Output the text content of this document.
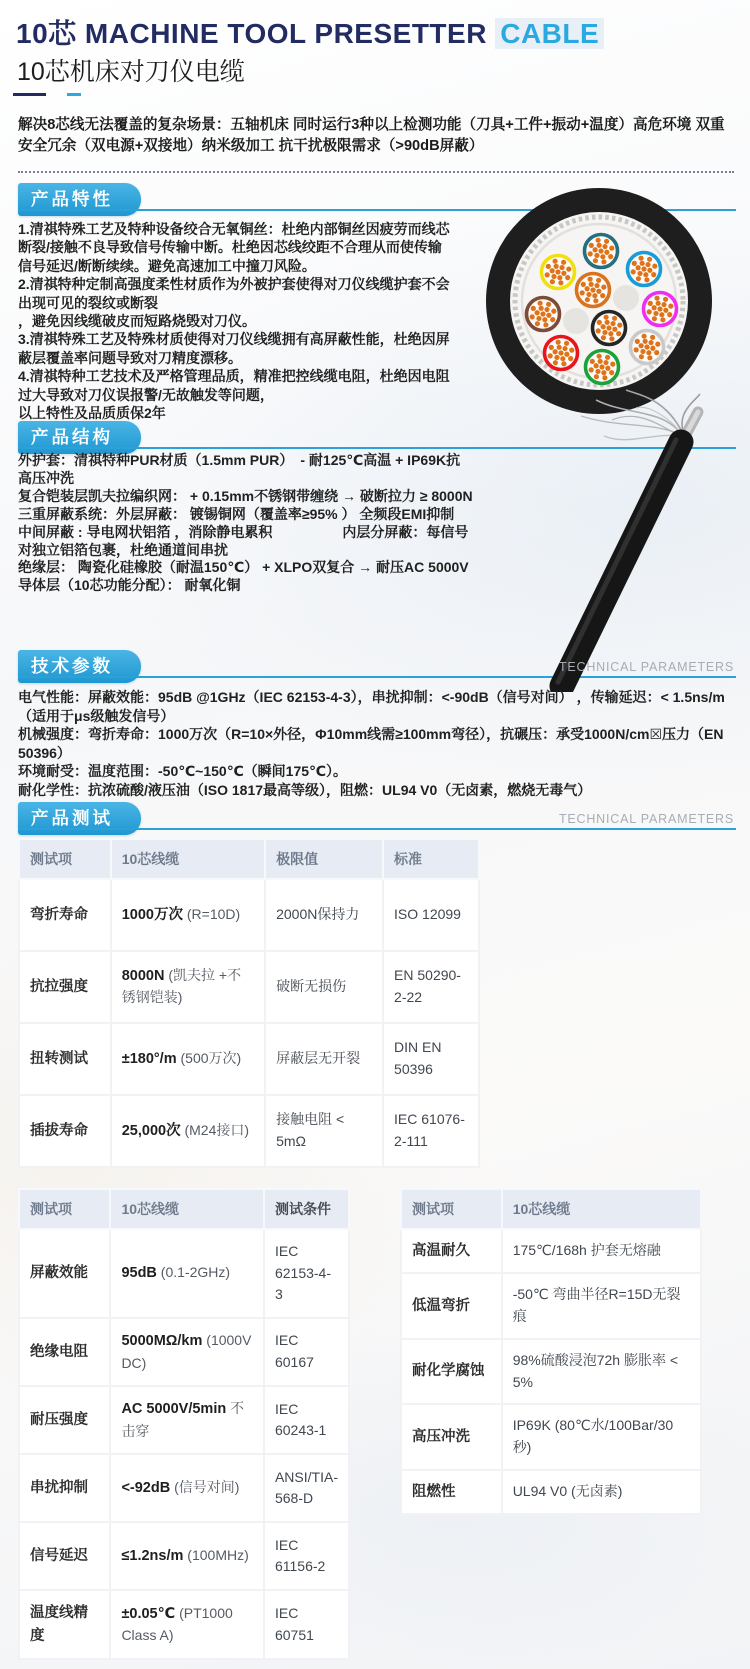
10芯 MACHINE TOOL PRESETTER CABLE
10芯机床对刀仪电缆
解决8芯线无法覆盖的复杂场景：五轴机床 同时运行3种以上检测功能（刀具+工件+振动+温度）高危环境 双重安全冗余（双电源+双接地）纳米级加工 抗干扰极限需求（>90dB屏蔽）
产品特性

1.清祺特殊工艺及特种设备绞合无氧铜丝：杜绝内部铜丝因疲劳而线芯断裂/接触不良导致信号传输中断。杜绝因芯线绞距不合理从而使传输信号延迟/断断续续。避免高速加工中撞刀风险。

2.清祺特种定制高强度柔性材质作为外被护套使得对刀仪线缆护套不会出现可见的裂纹或断裂

，避免因线缆破皮而短路烧毁对刀仪。

3.清祺特殊工艺及特殊材质使得对刀仪线缆拥有高屏蔽性能，杜绝因屏蔽层覆盖率问题导致对刀精度漂移。

4.清祺特种工艺技术及严格管理品质，精准把控线缆电阻，杜绝因电阻过大导致对刀仪误报警/无故触发等问题，

以上特性及品质质保2年

产品结构

外护套：清祺特种PUR材质（1.5mm PUR）　- 耐125℃高温 + IP69K抗高压冲洗

复合铠装层凯夫拉编织网： + 0.15mm不锈钢带缠绕 → 破断拉力 ≥ 8000N

三重屏蔽系统：外层屏蔽： 镀锡铜网（覆盖率≥95% ） 全频段EMI抑制

中间屏蔽 : 导电网状铝箔 ，消除静电累积　　　　　内层分屏蔽：每信号对独立铝箔包裹，杜绝通道间串扰

绝缘层： 陶瓷化硅橡胶（耐温150℃） + XLPO双复合 → 耐压AC 5000V

导体层（10芯功能分配）： 耐氧化铜

技术参数	TECHNICAL PARAMETERS

电气性能：屏蔽效能：95dB @1GHz（IEC 62153-4-3），串扰抑制：<-90dB（信号对间） ，传输延迟：< 1.5ns/m（适用于μs级触发信号）

机械强度：弯折寿命：1000万次（R=10×外径，Φ10mm线需≥100mm弯径），抗碾压：承受1000N/cm☒压力（EN 50396）

环境耐受：温度范围：-50℃~150℃（瞬间175℃）。

耐化学性：抗浓硫酸/液压油（ISO 1817最高等级），阻燃：UL94 V0（无卤素，燃烧无毒气）

产品测试	TECHNICAL PARAMETERS
测试项	10芯线缆	极限值	标准
弯折寿命	1000万次 (R=10D)	2000N保持力	ISO 12099
抗拉强度	8000N (凯夫拉 +不锈钢铠装)	破断无损伤	EN 50290-2-22
扭转测试	±180°/m (500万次)	屏蔽层无开裂	DIN EN 50396
插拔寿命	25,000次 (M24接口)	接触电阻 < 5mΩ	IEC 61076-2-111
测试项	10芯线缆	测试条件
屏蔽效能	95dB (0.1-2GHz)	IEC 62153-4-3
绝缘电阻	5000MΩ/km (1000V DC)	IEC 60167
耐压强度	AC 5000V/5min 不击穿	IEC 60243-1
串扰抑制	<-92dB (信号对间)	ANSI/TIA-568-D
信号延迟	≤1.2ns/m (100MHz)	IEC 61156-2
温度线精度	±0.05℃ (PT1000 Class A)	IEC 60751
测试项	10芯线缆
高温耐久	175℃/168h 护套无熔融
低温弯折	-50℃ 弯曲半径R=15D无裂痕
耐化学腐蚀	98%硫酸浸泡72h 膨胀率 < 5%
高压冲洗	IP69K (80℃水/100Bar/30秒)
阻燃性	UL94 V0 (无卤素)
